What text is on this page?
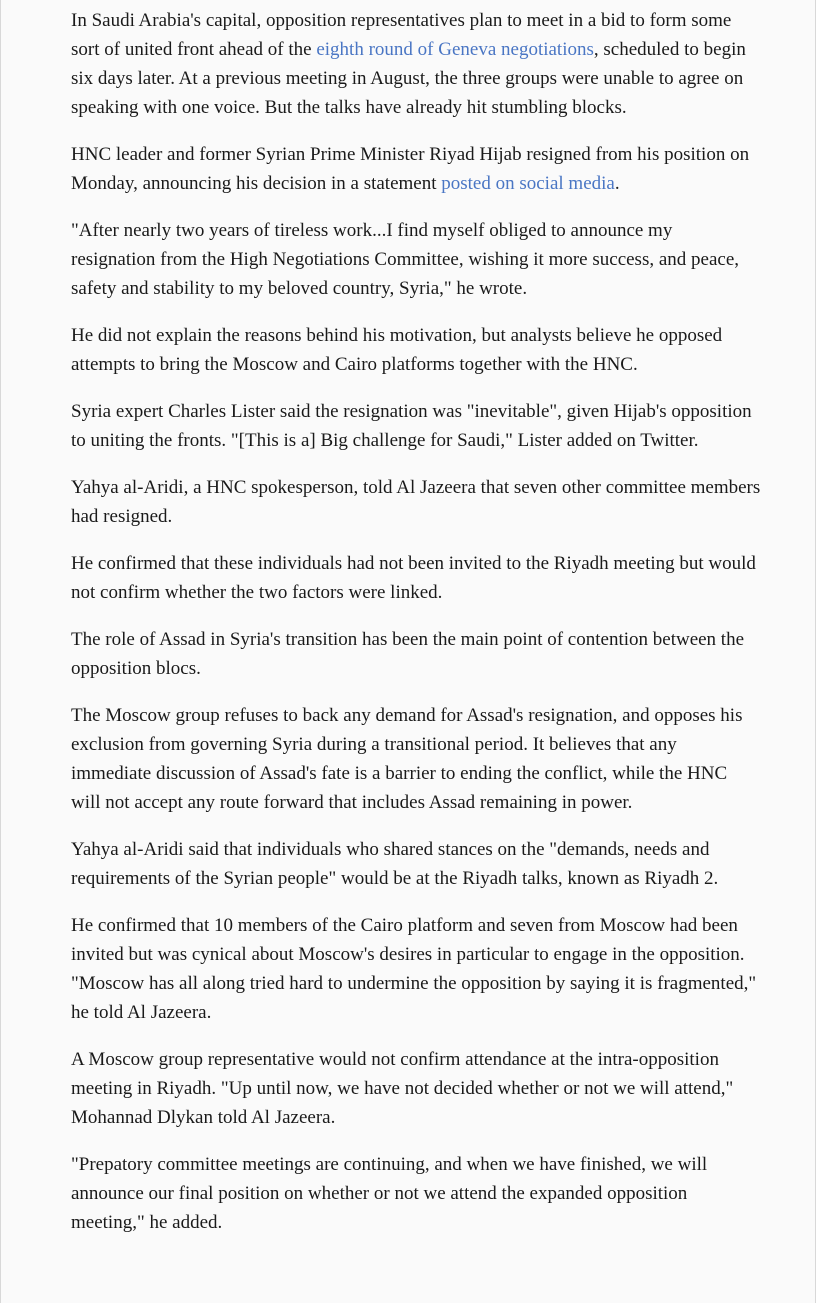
In Saudi Arabia's capital, opposition representatives plan to meet in a bid to form some sort of united front ahead of the eighth round of Geneva negotiations, scheduled to begin six days later. At a previous meeting in August, the three groups were unable to agree on speaking with one voice. But the talks have already hit stumbling blocks.

HNC leader and former Syrian Prime Minister Riyad Hijab resigned from his position on Monday, announcing his decision in a statement posted on social media.

"After nearly two years of tireless work...I find myself obliged to announce my resignation from the High Negotiations Committee, wishing it more success, and peace, safety and stability to my beloved country, Syria," he wrote.

He did not explain the reasons behind his motivation, but analysts believe he opposed attempts to bring the Moscow and Cairo platforms together with the HNC.

Syria expert Charles Lister said the resignation was "inevitable", given Hijab's opposition to uniting the fronts. "[This is a] Big challenge for Saudi," Lister added on Twitter.

Yahya al-Aridi, a HNC spokesperson, told Al Jazeera that seven other committee members had resigned.

He confirmed that these individuals had not been invited to the Riyadh meeting but would not confirm whether the two factors were linked.

The role of Assad in Syria's transition has been the main point of contention between the opposition blocs.

The Moscow group refuses to back any demand for Assad's resignation, and opposes his exclusion from governing Syria during a transitional period. It believes that any immediate discussion of Assad's fate is a barrier to ending the conflict, while the HNC will not accept any route forward that includes Assad remaining in power.

Yahya al-Aridi said that individuals who shared stances on the "demands, needs and requirements of the Syrian people" would be at the Riyadh talks, known as Riyadh 2.

He confirmed that 10 members of the Cairo platform and seven from Moscow had been invited but was cynical about Moscow's desires in particular to engage in the opposition. "Moscow has all along tried hard to undermine the opposition by saying it is fragmented," he told Al Jazeera.

A Moscow group representative would not confirm attendance at the intra-opposition meeting in Riyadh. "Up until now, we have not decided whether or not we will attend," Mohannad Dlykan told Al Jazeera.

"Prepatory committee meetings are continuing, and when we have finished, we will announce our final position on whether or not we attend the expanded opposition meeting," he added.
